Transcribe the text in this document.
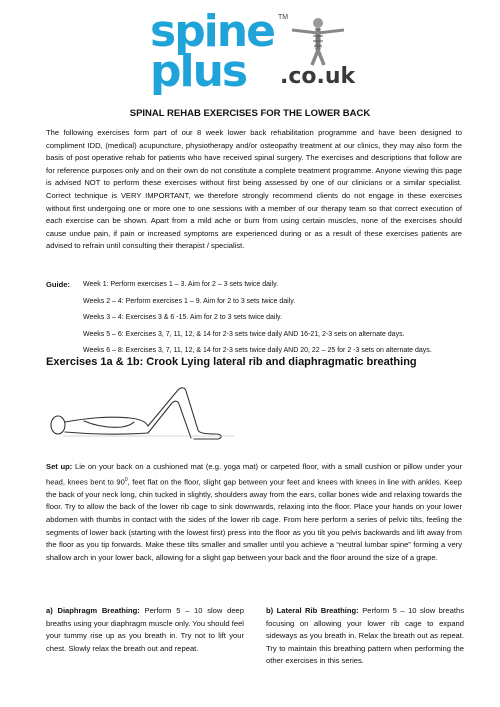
spine
plus .co.uk
TM
SPINAL REHAB EXERCISES FOR THE LOWER BACK
The following exercises form part of our 8 week lower back rehabilitation programme and have been designed to compliment IDD, (medical) acupuncture, physiotherapy and/or osteopathy treatment at our clinics, they may also form the basis of post operative rehab for patients who have received spinal surgery. The exercises and descriptions that follow are for reference purposes only and on their own do not constitute a complete treatment programme. Anyone viewing this page is advised NOT to perform these exercises without first being assessed by one of our clinicians or a similar specialist. Correct technique is VERY IMPORTANT, we therefore strongly recommend clients do not engage in these exercises without first undergoing one or more one to one sessions with a member of our therapy team so that correct execution of each exercise can be shown. Apart from a mild ache or burn from using certain muscles, none of the exercises should cause undue pain, if pain or increased symptoms are experienced during or as a result of these exercises patients are advised to refrain until consulting their therapist / specialist.
Guide: Week 1: Perform exercises 1 – 3. Aim for 2 – 3 sets twice daily.
Weeks 2 – 4: Perform exercises 1 – 9. Aim for 2 to 3 sets twice daily.
Weeks 3 – 4: Exercises 3 & 6 -15. Aim for 2 to 3 sets twice daily.
Weeks 5 – 6: Exercises 3, 7, 11, 12, & 14 for 2-3 sets twice daily AND 16-21, 2-3 sets on alternate days.
Weeks 6 – 8: Exercises 3, 7, 11, 12, & 14 for 2-3 sets twice daily AND 20, 22 – 25 for 2 -3 sets on alternate days.
Exercises 1a & 1b: Crook Lying lateral rib and diaphragmatic breathing
Set up: Lie on your back on a cushioned mat (e.g. yoga mat) or carpeted floor, with a small cushion or pillow under your head, knees bent to $90^0$, feet flat on the floor, slight gap between your feet and knees with knees in line with ankles. Keep the back of your neck long, chin tucked in slightly, shoulders away from the ears, collar bones wide and relaxing towards the floor. Try to allow the back of the lower rib cage to sink downwards, relaxing into the floor. Place your hands on your lower abdomen with thumbs in contact with the sides of the lower rib cage. From here perform a series of pelvic tilts, feeling the segments of lower back (starting with the lowest first) press into the floor as you tilt you pelvis backwards and lift away from the floor as you tip forwards. Make these tilts smaller and smaller until you achieve a “neutral lumbar spine” forming a very shallow arch in your lower back, allowing for a slight gap between your back and the floor around the size of a grape.
a) Diaphragm Breathing: Perform 5 – 10 slow deep breaths using your diaphragm muscle only. You should feel your tummy rise up as you breath in. Try not to lift your chest. Slowly relax the breath out and repeat.
b) Lateral Rib Breathing: Perform 5 – 10 slow breaths focusing on allowing your lower rib cage to expand sideways as you breath in. Relax the breath out as repeat. Try to maintain this breathing pattern when performing the other exercises in this series.
